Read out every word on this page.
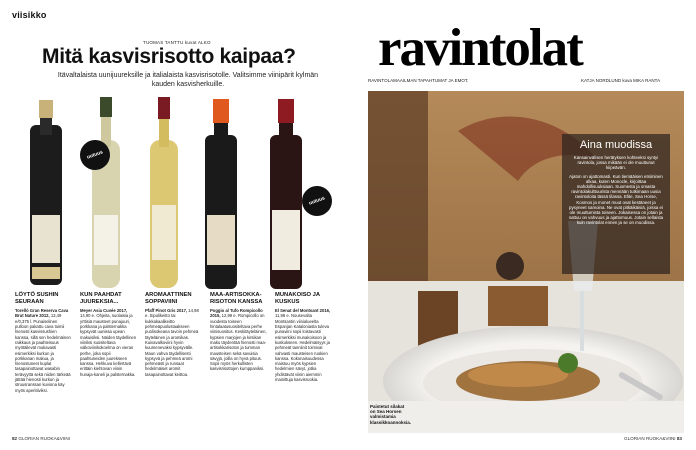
viisikko
TUOMAS TANTTU kuvat ALKO
Mitä kasvisrisotto kaipaa?
Itävaltalaista uunijuureksille ja italialaista kasvisrisotolle. Valitsimme viinipärit kylmän kauden kasvisherkuille.
uutuus
uutuus
LÖYTÖ SUSHIN SEURAAN
Torelló Gran Reserva Cava Brut Nature 2012, 13,49 e/0,375 l. Punaiselinen pulloon pakattu cava toimii hienosti kasvissushien kanssa, sillä sen hedelmäinen raikkaus ja paahteisuus myötäilevät mukavasti esimerkiksi kurkun ja porkkanan makua, ja hienostuneet kuplat tasapainottavat wasabin terävyyttä sekä niiden tärkeää jättää hienosti kurkun ja struusranssan kuviona käy myös aperitiiviksi.
KUN PAAHDAT JUUREKSIA...
Meyer Asia Cuvée 2017, 14,90 e. Ohjeita, suolaisia ja yrttisiä mausteet punajuuri, porkkana ja palsternakka kypsyvät uunissa upean makuisiksi. Näiden täydellinen viiniksi suositeltava valkoviinikokoelma on vieras perhe, joka sopii paahtuneiden juurekseen kanssa. Hehkuva kellertävä erittäin kiehtovan viinin hunaja-kaneli ja palsternakka.
AROMAATTINEN SOPPAVIINI
Pfaff Pinot Gris 2017, 14,98 e. Sipulikeitto tai kukkakaalikeitto pehmeäpuolustaakseen puolisokeana tavoin pehmeä täyteläinen ja aromikas. Kuivavalkoviini hyvin kuumenevaksi kypsyvälle. Maun vahva täydellisesti kypsyvä ja pehmeä aromi pehmeästi ja runsaat hedelmäiset aromit tasapainottavat keittoa.
MAA-ARTISOKKA-RISOTON KANSSA
Poggio al Tufo Rompicollo 2015, 12,99 e. Rompicollo on vuodesta toiseen hintalaatusuositeltava perhe viinisuositus. Keskitäyteläinen, kypsien marjojen ja kirsikan maku täydentää hienosti maa-artisokkarisoton ja tumman mausteisen sekä savuisia sävyjä, joilla on hyvä pituus. Sopii myös herkullisten kasvisrisottojen kumppaniksi.
MUNAKOISO JA KUSKUS
El Senat del Montsant 2016, 11,98 e. Nousevalta Montsantin viinialueelta Espanjan Kataloniasta tuleva punaviini sopii loistavasti esimerkiksi munakoisoon ja kuskukseen. Hedelmäisyys ja pehmeät tanniinit toimivat vahvasti mausteisen ruokien kanssa. Kokonaisuudessa maistuu myös kypsien hedelmien sävyt, jotka yhdistävät viinin aiemmin mainittuja kasvisruokia.
82 GLORIAN RUOKA&VIINI
ravintolat
RAVINTOLAMAAILMAN TAPAHTUMAT JA EMOT.	KATJA NORDLUND kuva MIKA RANTA
Aina muodissa

Kansainvälisen herätyksen kohteeksi syntyi ravintola, jossa mikään ei ole muuttunut kiipeävän.

Ajaton on ajattomasti. Kun tiemääisen etsiminen alkaa, kuten Monocle, kirjoittaa mahdollisuuksiaan. Suomesta ja omasta ravintolakulttuurista mennään tutkimaan uusia ravintoloita tässä tilassa. Elite, Sea Horse, Kosmos ja monet muut ovat kestäneet ja pysyneet samoina. Ne ovat pitkäikäisiä, joissa ei ole muuttumista toiseen. Jokaisessa on jotain ja sattuu on vahvuus ja ajattomuus. Jotain sellaista kuin ravintolat ennen ja se on muodissa.

Paistetut silakat on Sea Horsen valmistamia klassikkoannoksia.
GLORIAN RUOKA&VIINI 83
